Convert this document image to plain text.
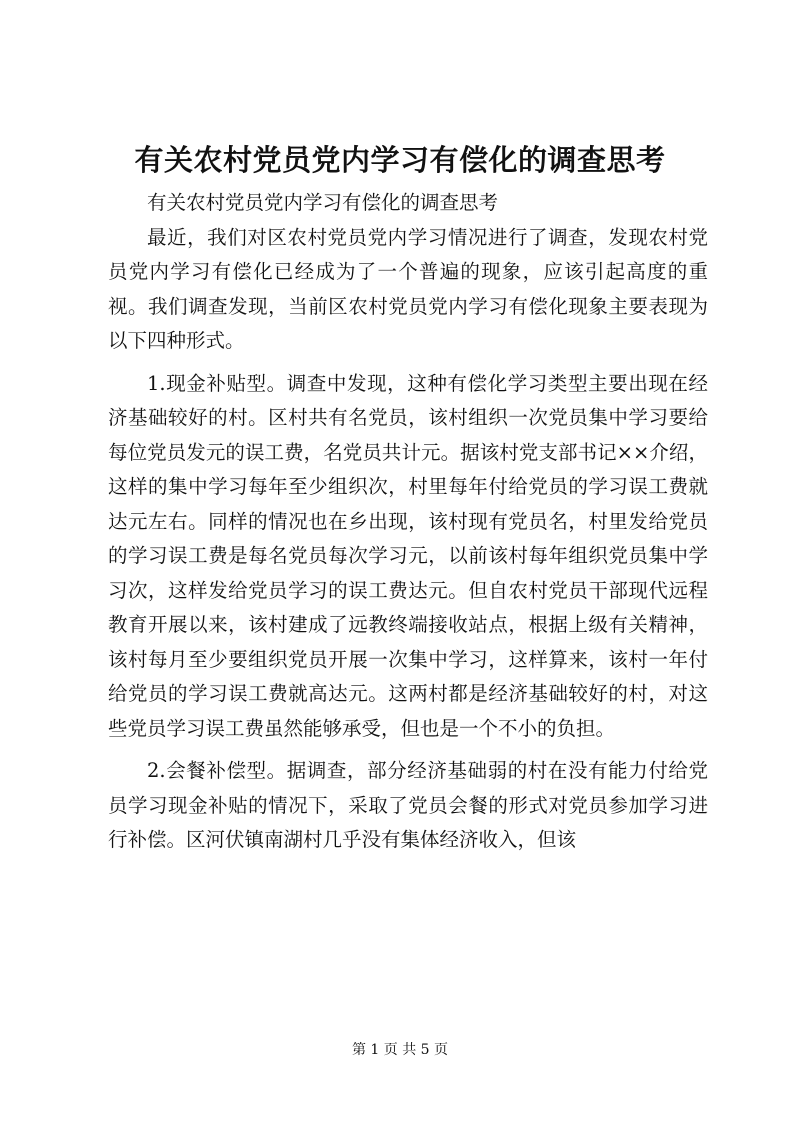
有关农村党员党内学习有偿化的调查思考

有关农村党员党内学习有偿化的调查思考

最近，我们对区农村党员党内学习情况进行了调查，发现农村党员党内学习有偿化已经成为了一个普遍的现象，应该引起高度的重视。我们调查发现，当前区农村党员党内学习有偿化现象主要表现为以下四种形式。

1.现金补贴型。调查中发现，这种有偿化学习类型主要出现在经济基础较好的村。区村共有名党员，该村组织一次党员集中学习要给每位党员发元的误工费，名党员共计元。据该村党支部书记××介绍，这样的集中学习每年至少组织次，村里每年付给党员的学习误工费就达元左右。同样的情况也在乡出现，该村现有党员名，村里发给党员的学习误工费是每名党员每次学习元，以前该村每年组织党员集中学习次，这样发给党员学习的误工费达元。但自农村党员干部现代远程教育开展以来，该村建成了远教终端接收站点，根据上级有关精神，该村每月至少要组织党员开展一次集中学习，这样算来，该村一年付给党员的学习误工费就高达元。这两村都是经济基础较好的村，对这些党员学习误工费虽然能够承受，但也是一个不小的负担。

2.会餐补偿型。据调查，部分经济基础弱的村在没有能力付给党员学习现金补贴的情况下，采取了党员会餐的形式对党员参加学习进行补偿。区河伏镇南湖村几乎没有集体经济收入，但该

第 1 页 共 5 页
